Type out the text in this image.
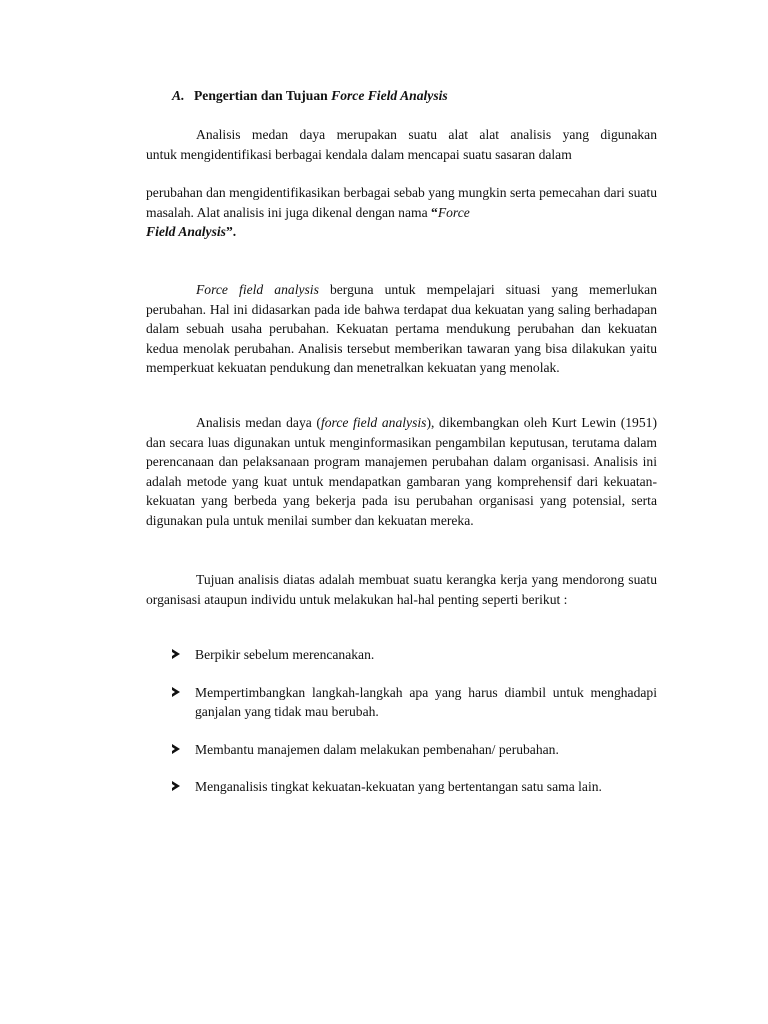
A. Pengertian dan Tujuan Force Field Analysis

Analisis medan daya merupakan suatu alat alat analisis yang digunakan

untuk mengidentifikasi berbagai kendala dalam mencapai suatu sasaran dalam

perubahan dan mengidentifikasikan berbagai sebab yang mungkin serta pemecahan dari suatu masalah. Alat analisis ini juga dikenal dengan nama “Force
Field Analysis”.

Force field analysis berguna untuk mempelajari situasi yang memerlukan perubahan. Hal ini didasarkan pada ide bahwa terdapat dua kekuatan yang saling berhadapan dalam sebuah usaha perubahan. Kekuatan pertama mendukung perubahan dan kekuatan kedua menolak perubahan. Analisis tersebut memberikan tawaran yang bisa dilakukan yaitu memperkuat kekuatan pendukung dan menetralkan kekuatan yang menolak.

Analisis medan daya (force field analysis), dikembangkan oleh Kurt Lewin (1951) dan secara luas digunakan untuk menginformasikan pengambilan keputusan, terutama dalam perencanaan dan pelaksanaan program manajemen perubahan dalam organisasi. Analisis ini adalah metode yang kuat untuk mendapatkan gambaran yang komprehensif dari kekuatan-kekuatan yang berbeda yang bekerja pada isu perubahan organisasi yang potensial, serta digunakan pula untuk menilai sumber dan kekuatan mereka.

Tujuan analisis diatas adalah membuat suatu kerangka kerja yang mendorong suatu organisasi ataupun individu untuk melakukan hal-hal penting seperti berikut :

Berpikir sebelum merencanakan.
Mempertimbangkan langkah-langkah apa yang harus diambil untuk menghadapi ganjalan yang tidak mau berubah.
Membantu manajemen dalam melakukan pembenahan/ perubahan.
Menganalisis tingkat kekuatan-kekuatan yang bertentangan satu sama lain.
